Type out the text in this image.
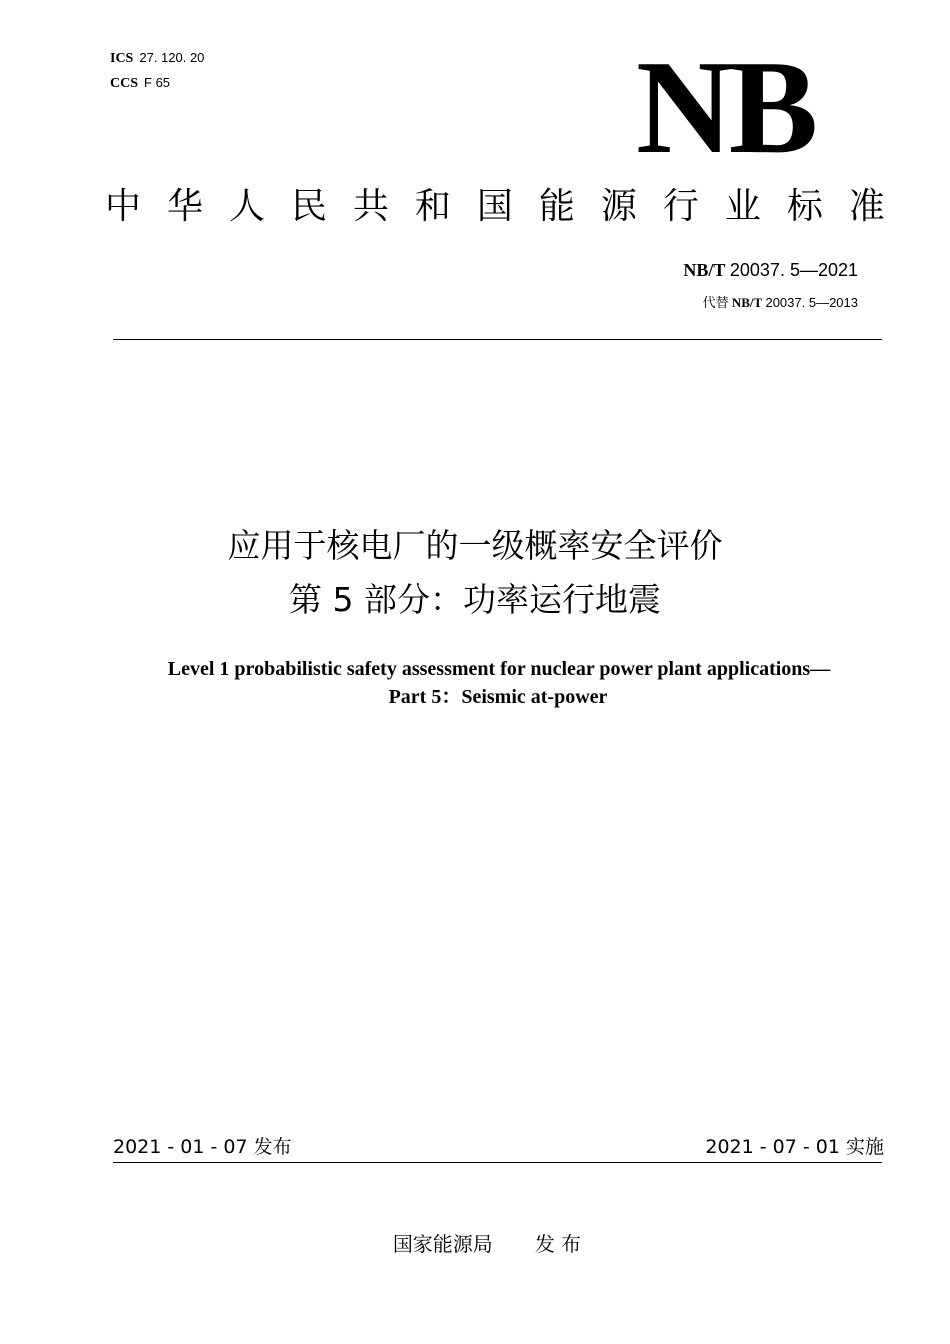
ICS 27. 120. 20
CCS F 65	NB
中 华 人 民 共 和 国 能 源 行 业 标 准
NB/T 20037. 5—2021
代替 NB/T 20037. 5—2013
应用于核电厂的一级概率安全评价
第 5 部分：功率运行地震
Level 1 probabilistic safety assessment for nuclear power plant applications—
Part 5：Seismic at-power
2021 - 01 - 07 发布	2021 - 07 - 01 实施
国家能源局 发 布
